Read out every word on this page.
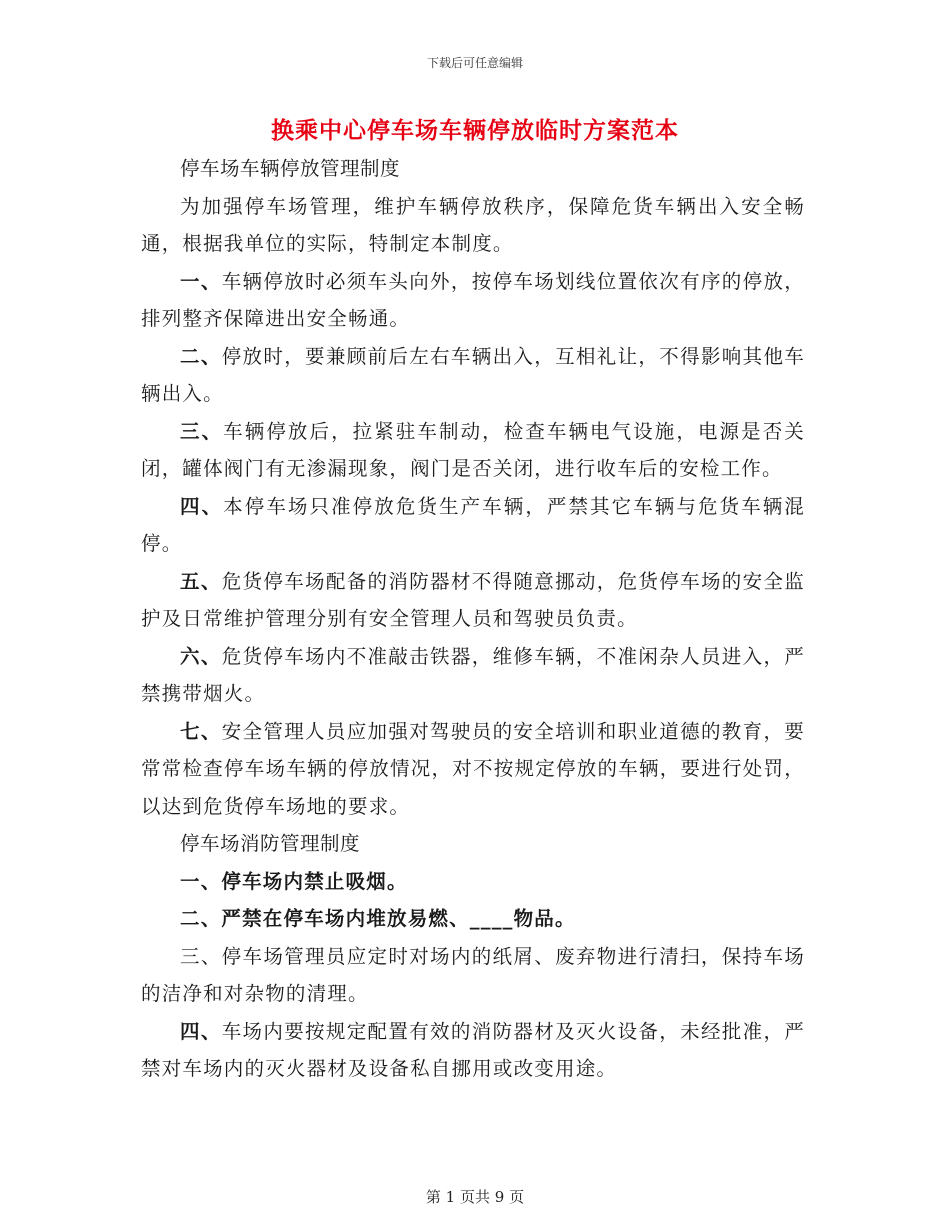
下载后可任意编辑
换乘中心停车场车辆停放临时方案范本

停车场车辆停放管理制度

为加强停车场管理，维护车辆停放秩序，保障危货车辆出入安全畅通，根据我单位的实际，特制定本制度。

一、车辆停放时必须车头向外，按停车场划线位置依次有序的停放，排列整齐保障进出安全畅通。

二、停放时，要兼顾前后左右车辆出入，互相礼让，不得影响其他车辆出入。

三、车辆停放后，拉紧驻车制动，检查车辆电气设施，电源是否关闭，罐体阀门有无渗漏现象，阀门是否关闭，进行收车后的安检工作。

四、本停车场只准停放危货生产车辆，严禁其它车辆与危货车辆混停。

五、危货停车场配备的消防器材不得随意挪动，危货停车场的安全监护及日常维护管理分别有安全管理人员和驾驶员负责。

六、危货停车场内不准敲击铁器，维修车辆，不准闲杂人员进入，严禁携带烟火。

七、安全管理人员应加强对驾驶员的安全培训和职业道德的教育，要常常检查停车场车辆的停放情况，对不按规定停放的车辆，要进行处罚，以达到危货停车场地的要求。

停车场消防管理制度

一、停车场内禁止吸烟。

二、严禁在停车场内堆放易燃、____物品。

三、停车场管理员应定时对场内的纸屑、废弃物进行清扫，保持车场的洁净和对杂物的清理。

四、车场内要按规定配置有效的消防器材及灭火设备，未经批准，严禁对车场内的灭火器材及设备私自挪用或改变用途。

第 1 页共 9 页
